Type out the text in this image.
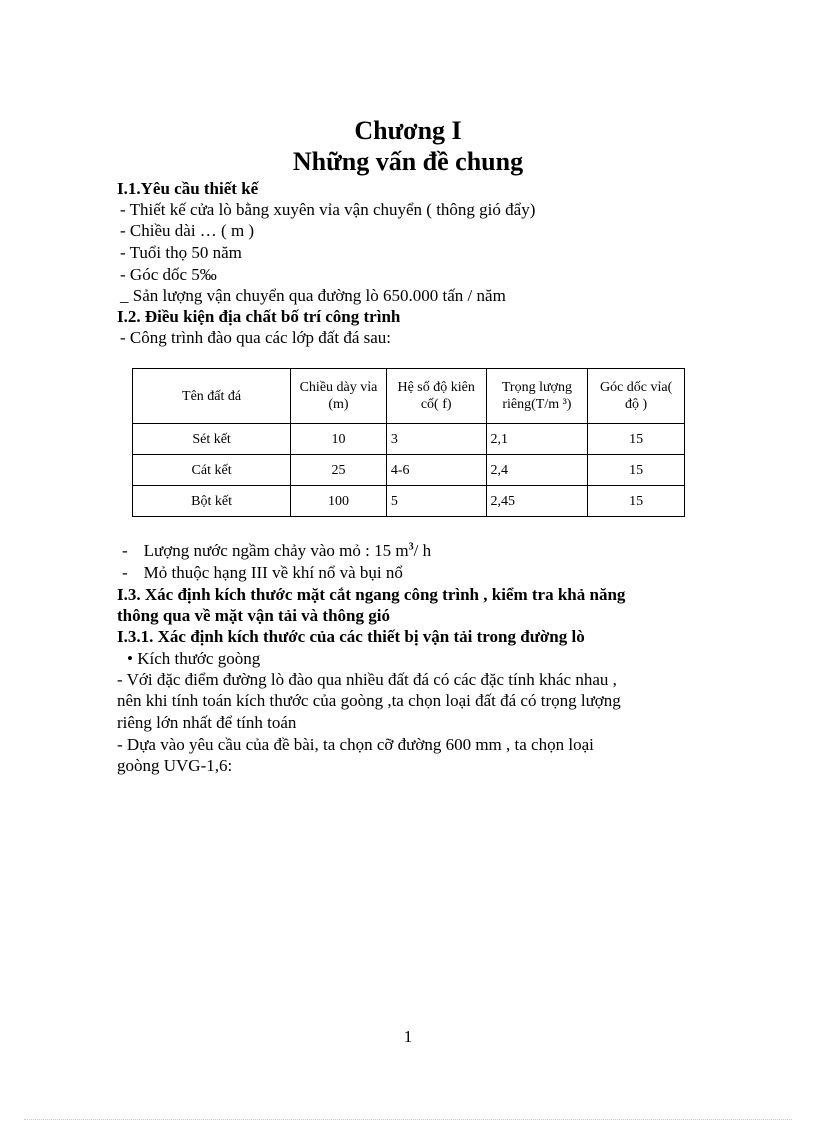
Chương I
Những vấn đề chung
I.1.Yêu cầu thiết kế
- Thiết kế cửa lò bằng xuyên vỉa vận chuyển ( thông gió đẩy)
- Chiều dài … ( m )
- Tuổi thọ 50 năm
- Góc dốc 5‰
_ Sản lượng vận chuyển qua đường lò 650.000 tấn / năm
I.2. Điều kiện địa chất bố trí công trình
- Công trình đào qua các lớp đất đá sau:
Tên đất đá	Chiều dày vỉa (m)	Hệ số độ kiên cố( f)	Trọng lượng riêng(T/m ³)	Góc dốc vỉa( độ )
Sét kết	10	3	2,1	15
Cát kết	25	4-6	2,4	15
Bột kết	100	5	2,45	15
- Lượng nước ngầm chảy vào mỏ : 15 $m^3/$ h
- Mỏ thuộc hạng III về khí nổ và bụi nổ
I.3. Xác định kích thước mặt cắt ngang công trình , kiểm tra khả năng
thông qua về mặt vận tải và thông gió
I.3.1. Xác định kích thước của các thiết bị vận tải trong đường lò
• Kích thước goòng
- Với đặc điểm đường lò đào qua nhiều đất đá có các đặc tính khác nhau ,
nên khi tính toán kích thước của goòng ,ta chọn loại đất đá có trọng lượng
riêng lớn nhất để tính toán
- Dựa vào yêu cầu của đề bài, ta chọn cỡ đường 600 mm , ta chọn loại
goòng UVG-1,6:
1
